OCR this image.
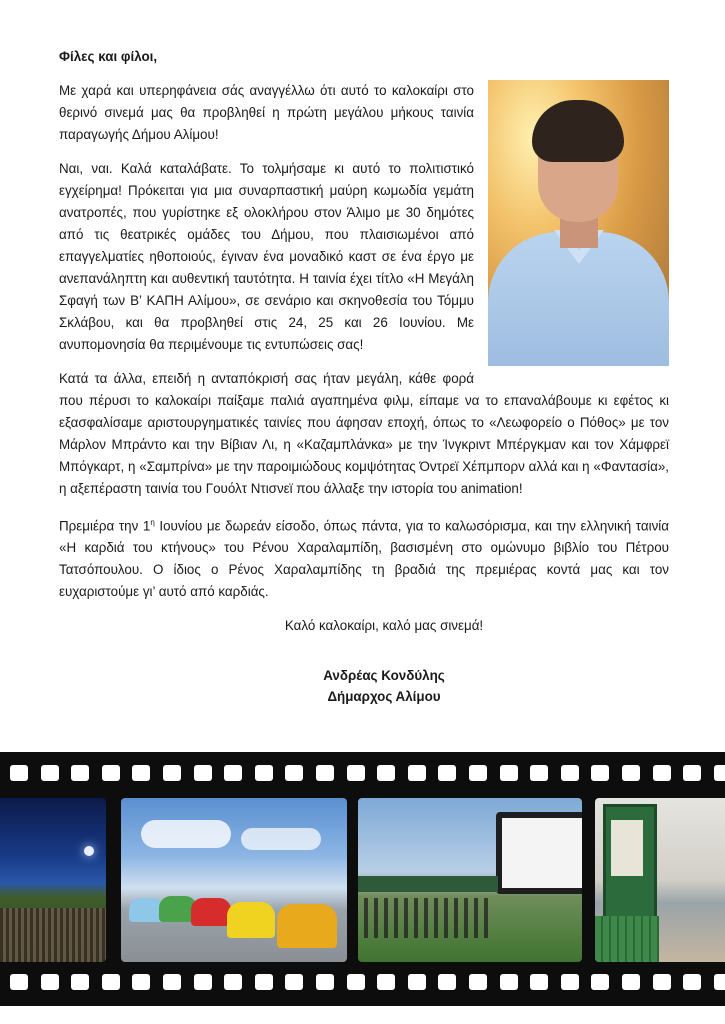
Φίλες και φίλοι,

Με χαρά και υπερηφάνεια σάς αναγγέλλω ότι αυτό το καλοκαίρι στο θερινό σινεμά μας θα προβληθεί η πρώτη μεγάλου μήκους ταινία παραγωγής Δήμου Αλίμου!

Ναι, ναι. Καλά καταλάβατε. Το τολμήσαμε κι αυτό το πολιτιστικό εγχείρημα! Πρόκειται για μια συναρπαστική μαύρη κωμωδία γεμάτη ανατροπές, που γυρίστηκε εξ ολοκλήρου στον Άλιμο με 30 δημότες από τις θεατρικές ομάδες του Δήμου, που πλαισιωμένοι από επαγγελματίες ηθοποιούς, έγιναν ένα μοναδικό καστ σε ένα έργο με ανεπανάληπτη και αυθεντική ταυτότητα. Η ταινία έχει τίτλο «Η Μεγάλη Σφαγή των Β’ ΚΑΠΗ Αλίμου», σε σενάριο και σκηνοθεσία του Τόμμυ Σκλάβου, και θα προβληθεί στις 24, 25 και 26 Ιουνίου. Με ανυπομονησία θα περιμένουμε τις εντυπώσεις σας!

Κατά τα άλλα, επειδή η ανταπόκρισή σας ήταν μεγάλη, κάθε φορά που πέρυσι το καλοκαίρι παίξαμε παλιά αγαπημένα φιλμ, είπαμε να το επαναλάβουμε κι εφέτος κι εξασφαλίσαμε αριστουργηματικές ταινίες που άφησαν εποχή, όπως το «Λεωφορείο ο Πόθος» με τον Μάρλον Μπράντο και την Βίβιαν Λι, η «Καζαμπλάνκα» με την Ίνγκριντ Μπέργκμαν και τον Χάμφρεϊ Μπόγκαρτ, η «Σαμπρίνα» με την παροιμιώδους κομψότητας Όντρεϊ Χέπμπορν αλλά και η «Φαντασία», η αξεπέραστη ταινία του Γουόλτ Ντισνεϊ που άλλαξε την ιστορία του animation!

Πρεμιέρα την $1^\eta$ Ιουνίου με δωρεάν είσοδο, όπως πάντα, για το καλωσόρισμα, και την ελληνική ταινία «Η καρδιά του κτήνους» του Ρένου Χαραλαμπίδη, βασισμένη στο ομώνυμο βιβλίο του Πέτρου Τατσόπουλου. Ο ίδιος ο Ρένος Χαραλαμπίδης τη βραδιά της πρεμιέρας κοντά μας και τον ευχαριστούμε γι’ αυτό από καρδιάς.

Καλό καλοκαίρι, καλό μας σινεμά!

Ανδρέας Κονδύλης
Δήμαρχος Αλίμου
